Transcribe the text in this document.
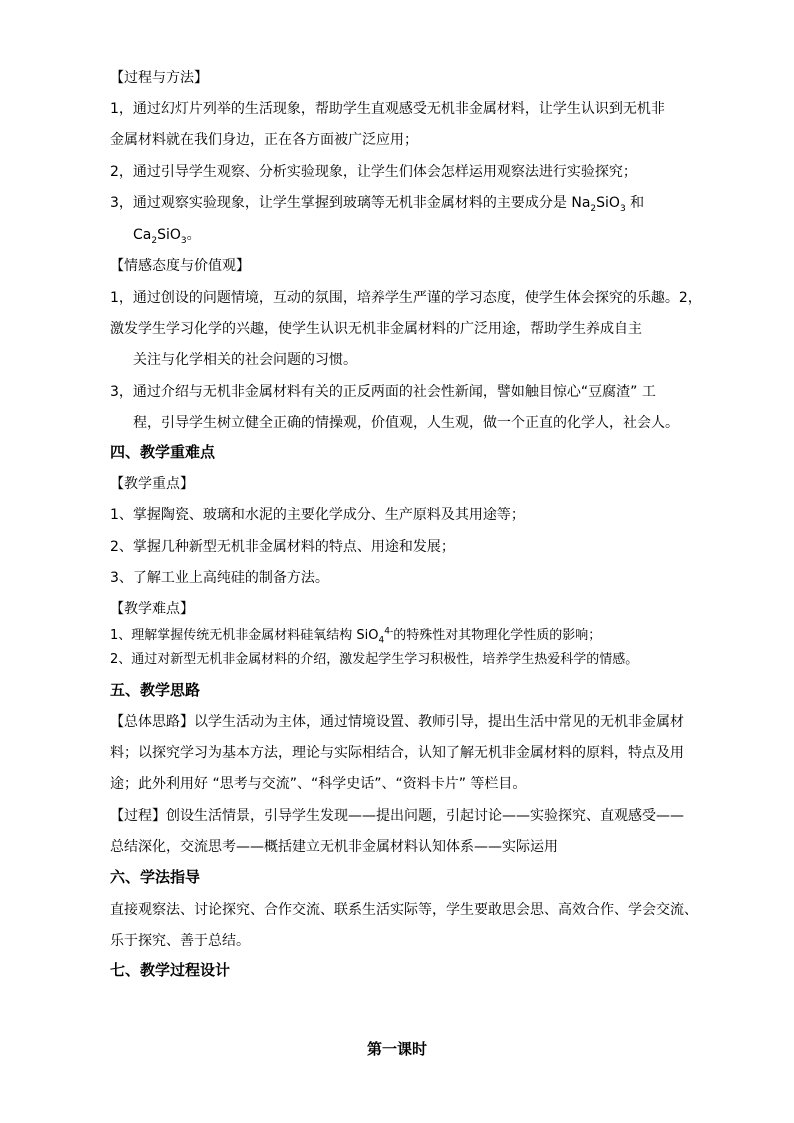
【过程与方法】
1，通过幻灯片列举的生活现象，帮助学生直观感受无机非金属材料，让学生认识到无机非
金属材料就在我们身边，正在各方面被广泛应用；
2，通过引导学生观察、分析实验现象，让学生们体会怎样运用观察法进行实验探究；
3，通过观察实验现象，让学生掌握到玻璃等无机非金属材料的主要成分是 $Na_2SiO_3$ 和
$Ca_2SiO_3$。
【情感态度与价值观】
1，通过创设的问题情境，互动的氛围，培养学生严谨的学习态度，使学生体会探究的乐趣。2，
激发学生学习化学的兴趣，使学生认识无机非金属材料的广泛用途，帮助学生养成自主
关注与化学相关的社会问题的习惯。
3，通过介绍与无机非金属材料有关的正反两面的社会性新闻，譬如触目惊心“豆腐渣” 工
程，引导学生树立健全正确的情操观，价值观，人生观，做一个正直的化学人，社会人。
四、教学重难点
【教学重点】
1、掌握陶瓷、玻璃和水泥的主要化学成分、生产原料及其用途等；
2、掌握几种新型无机非金属材料的特点、用途和发展；
3、了解工业上高纯硅的制备方法。
【教学难点】
1、理解掌握传统无机非金属材料硅氧结构 SiO$_4^{4-}$的特殊性对其物理化学性质的影响；
2、通过对新型无机非金属材料的介绍，激发起学生学习积极性，培养学生热爱科学的情感。
五、教学思路
【总体思路】以学生活动为主体，通过情境设置、教师引导，提出生活中常见的无机非金属材
料；以探究学习为基本方法，理论与实际相结合，认知了解无机非金属材料的原料，特点及用
途；此外利用好 “思考与交流”、“科学史话”、“资料卡片” 等栏目。
【过程】创设生活情景，引导学生发现——提出问题，引起讨论——实验探究、直观感受——
总结深化，交流思考——概括建立无机非金属材料认知体系——实际运用
六、学法指导
直接观察法、讨论探究、合作交流、联系生活实际等，学生要敢思会思、高效合作、学会交流、
乐于探究、善于总结。
七、教学过程设计
第一课时
